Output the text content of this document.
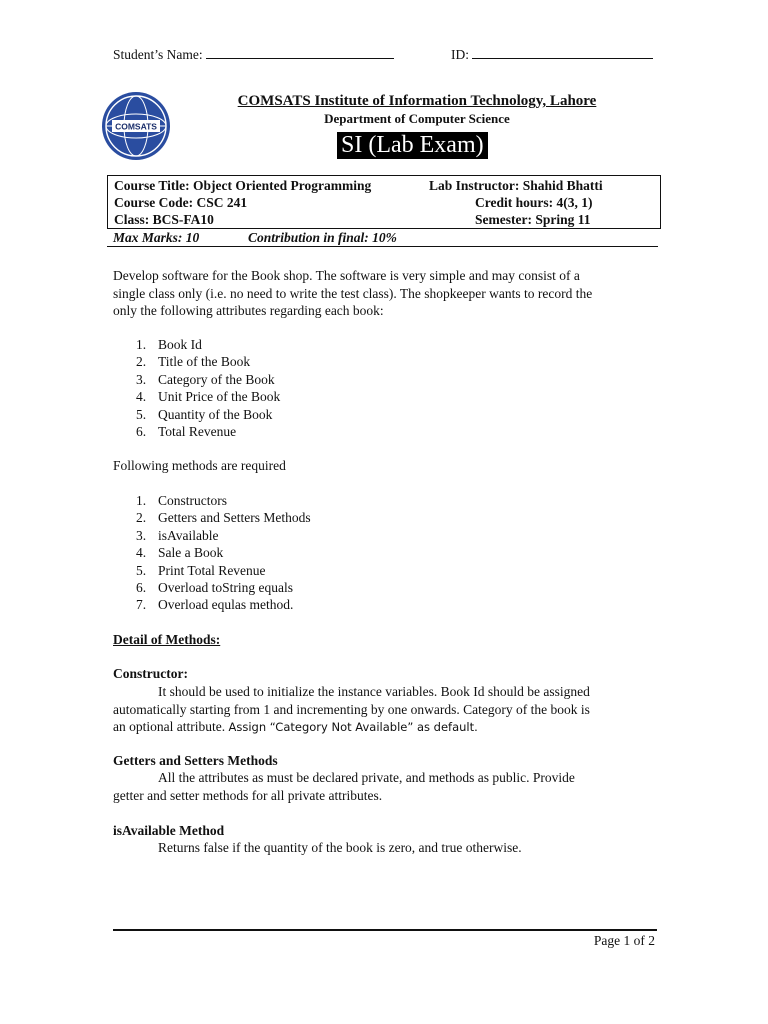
Student’s Name:	ID:
COMSATS
COMSATS Institute of Information Technology, Lahore
Department of Computer Science
SI (Lab Exam)
Course Title: Object Oriented Programming	Lab Instructor: Shahid Bhatti
Course Code: CSC 241	Credit hours: 4(3, 1)
Class: BCS-FA10	Semester: Spring 11
Max Marks: 10	Contribution in final: 10%
Develop software for the Book shop. The software is very simple and may consist of a
single class only (i.e. no need to write the test class). The shopkeeper wants to record the
only the following attributes regarding each book:
1. Book Id
2. Title of the Book
3. Category of the Book
4. Unit Price of the Book
5. Quantity of the Book
6. Total Revenue
Following methods are required
1. Constructors
2. Getters and Setters Methods
3. isAvailable
4. Sale a Book
5. Print Total Revenue
6. Overload toString equals
7. Overload equlas method.
Detail of Methods:
Constructor:
It should be used to initialize the instance variables. Book Id should be assigned
automatically starting from 1 and incrementing by one onwards. Category of the book is
an optional attribute. Assign “Category Not Available” as default.
Getters and Setters Methods
All the attributes as must be declared private, and methods as public. Provide
getter and setter methods for all private attributes.
isAvailable Method
Returns false if the quantity of the book is zero, and true otherwise.
Page 1 of 2
